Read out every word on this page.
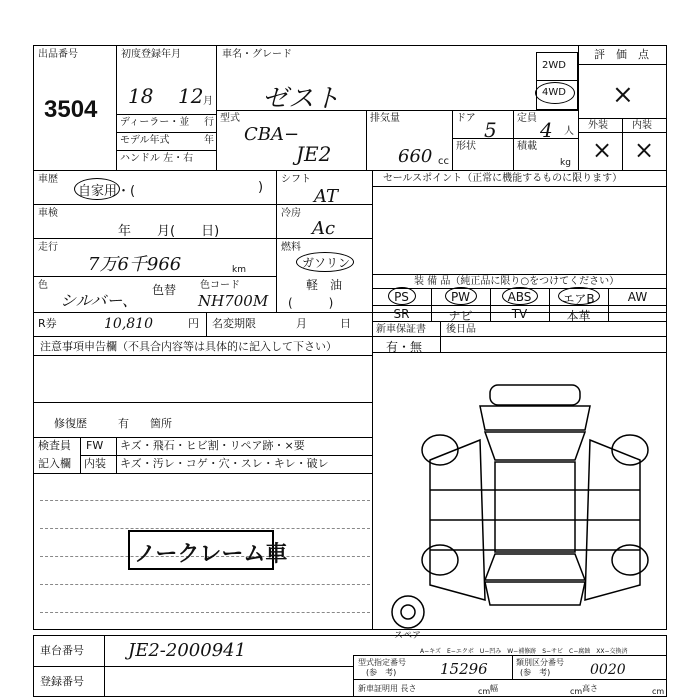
出品番号
3504
初度登録年月
18 12 月
車名・グレード
ゼスト
2WD
4WD
評　価　点
×
外装 内装
× ×
ディーラー・並 行
モデル年式	年
ハンドル 左・右
型式
CBA−
JE2
排気量
660 cc
ドア 5 定員 4 人
形状	積載
kg
車歴
自家用・(	)
シフト
AT
車検
年　　月(　　日)
冷房
Ac
走行
7万6千966	km
燃料
ガソリン
軽　油
(　　　)
色
シルバー、
色替 色コード
NH700M
R券	10,810	円 名変期限	月　　　日
セールスポイント（正常に機能するものに限ります）
装 備 品（純正品に限り○をつけてください）
PS	PW	ABS	エアB	AW
SR	ナビ	TV	本革
新車保証書
有・無
後日品
注意事項申告欄（不具合内容等は具体的に記入して下さい）
修復歴	有 箇所
検査員
記入欄
FW キズ・飛石・ヒビ割・リペア跡・×要
内装 キズ・汚レ・コゲ・穴・スレ・キレ・破レ
ノークレーム車
スペア
A−キズ　E−エクボ　U−凹み　W−補修跡　S−サビ　C−腐蝕　XX−交換済
車台番号 JE2-2000941
登録番号
型式指定番号
(参　考)	15296	類別区分番号
(参　考)	0020
新車証明用 長さ	cm 幅	cm 高さ	cm
